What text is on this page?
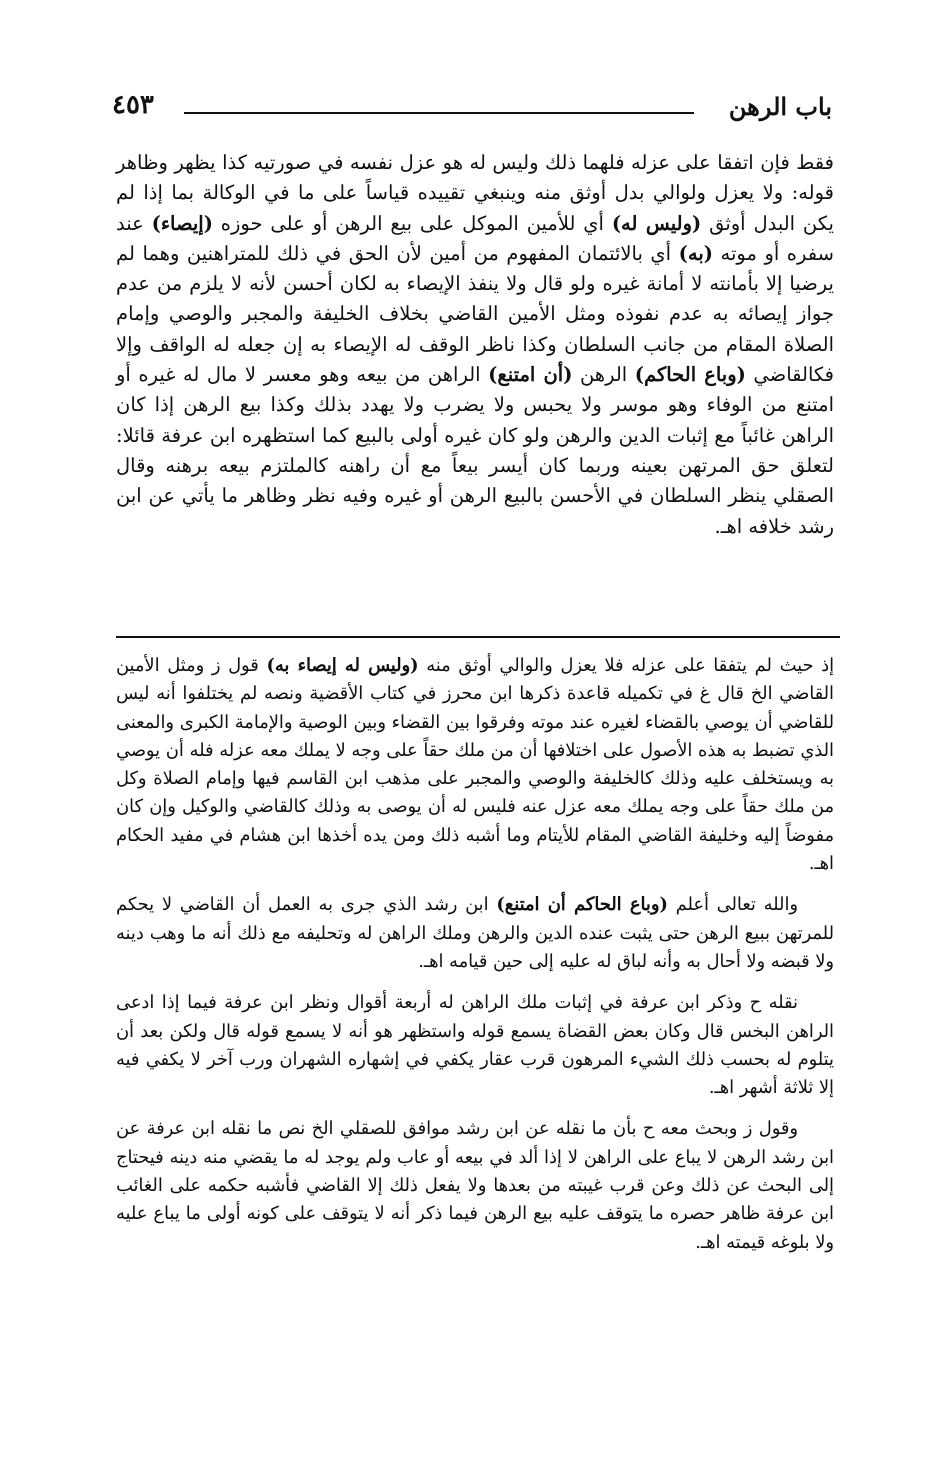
باب الرهن
٤٥٣

فقط فإن اتفقا على عزله فلهما ذلك وليس له هو عزل نفسه في صورتيه كذا يظهر وظاهر قوله: ولا يعزل ولوالي بدل أوثق منه وينبغي تقييده قياساً على ما في الوكالة بما إذا لم يكن البدل أوثق (وليس له) أي للأمين الموكل على بيع الرهن أو على حوزه (إيصاء) عند سفره أو موته (به) أي بالائتمان المفهوم من أمين لأن الحق في ذلك للمتراهنين وهما لم يرضيا إلا بأمانته لا أمانة غيره ولو قال ولا ينفذ الإيصاء به لكان أحسن لأنه لا يلزم من عدم جواز إيصائه به عدم نفوذه ومثل الأمين القاضي بخلاف الخليفة والمجبر والوصي وإمام الصلاة المقام من جانب السلطان وكذا ناظر الوقف له الإيصاء به إن جعله له الواقف وإلا فكالقاضي (وباع الحاكم) الرهن (أن امتنع) الراهن من بيعه وهو معسر لا مال له غيره أو امتنع من الوفاء وهو موسر ولا يحبس ولا يضرب ولا يهدد بذلك وكذا بيع الرهن إذا كان الراهن غائباً مع إثبات الدين والرهن ولو كان غيره أولى بالبيع كما استظهره ابن عرفة قائلا: لتعلق حق المرتهن بعينه وربما كان أيسر بيعاً مع أن راهنه كالملتزم بيعه برهنه وقال الصقلي ينظر السلطان في الأحسن بالبيع الرهن أو غيره وفيه نظر وظاهر ما يأتي عن ابن رشد خلافه اهـ.

إذ حيث لم يتفقا على عزله فلا يعزل والوالي أوثق منه (وليس له إيصاء به) قول ز ومثل الأمين القاضي الخ قال غ في تكميله قاعدة ذكرها ابن محرز في كتاب الأقضية ونصه لم يختلفوا أنه ليس للقاضي أن يوصي بالقضاء لغيره عند موته وفرقوا بين القضاء وبين الوصية والإمامة الكبرى والمعنى الذي تضبط به هذه الأصول على اختلافها أن من ملك حقاً على وجه لا يملك معه عزله فله أن يوصي به ويستخلف عليه وذلك كالخليفة والوصي والمجبر على مذهب ابن القاسم فيها وإمام الصلاة وكل من ملك حقاً على وجه يملك معه عزل عنه فليس له أن يوصى به وذلك كالقاضي والوكيل وإن كان مفوضاً إليه وخليفة القاضي المقام للأيتام وما أشبه ذلك ومن يده أخذها ابن هشام في مفيد الحكام اهـ.

والله تعالى أعلم (وباع الحاكم أن امتنع) ابن رشد الذي جرى به العمل أن القاضي لا يحكم للمرتهن ببيع الرهن حتى يثبت عنده الدين والرهن وملك الراهن له وتحليفه مع ذلك أنه ما وهب دينه ولا قبضه ولا أحال به وأنه لباق له عليه إلى حين قيامه اهـ.

نقله ح وذكر ابن عرفة في إثبات ملك الراهن له أربعة أقوال ونظر ابن عرفة فيما إذا ادعى الراهن البخس قال وكان بعض القضاة يسمع قوله واستظهر هو أنه لا يسمع قوله قال ولكن بعد أن يتلوم له بحسب ذلك الشيء المرهون قرب عقار يكفي في إشهاره الشهران ورب آخر لا يكفي فيه إلا ثلاثة أشهر اهـ.

وقول ز وبحث معه ح بأن ما نقله عن ابن رشد موافق للصقلي الخ نص ما نقله ابن عرفة عن ابن رشد الرهن لا يباع على الراهن لا إذا ألد في بيعه أو عاب ولم يوجد له ما يقضي منه دينه فيحتاج إلى البحث عن ذلك وعن قرب غيبته من بعدها ولا يفعل ذلك إلا القاضي فأشبه حكمه على الغائب ابن عرفة ظاهر حصره ما يتوقف عليه بيع الرهن فيما ذكر أنه لا يتوقف على كونه أولى ما يباع عليه ولا بلوغه قيمته اهـ.
